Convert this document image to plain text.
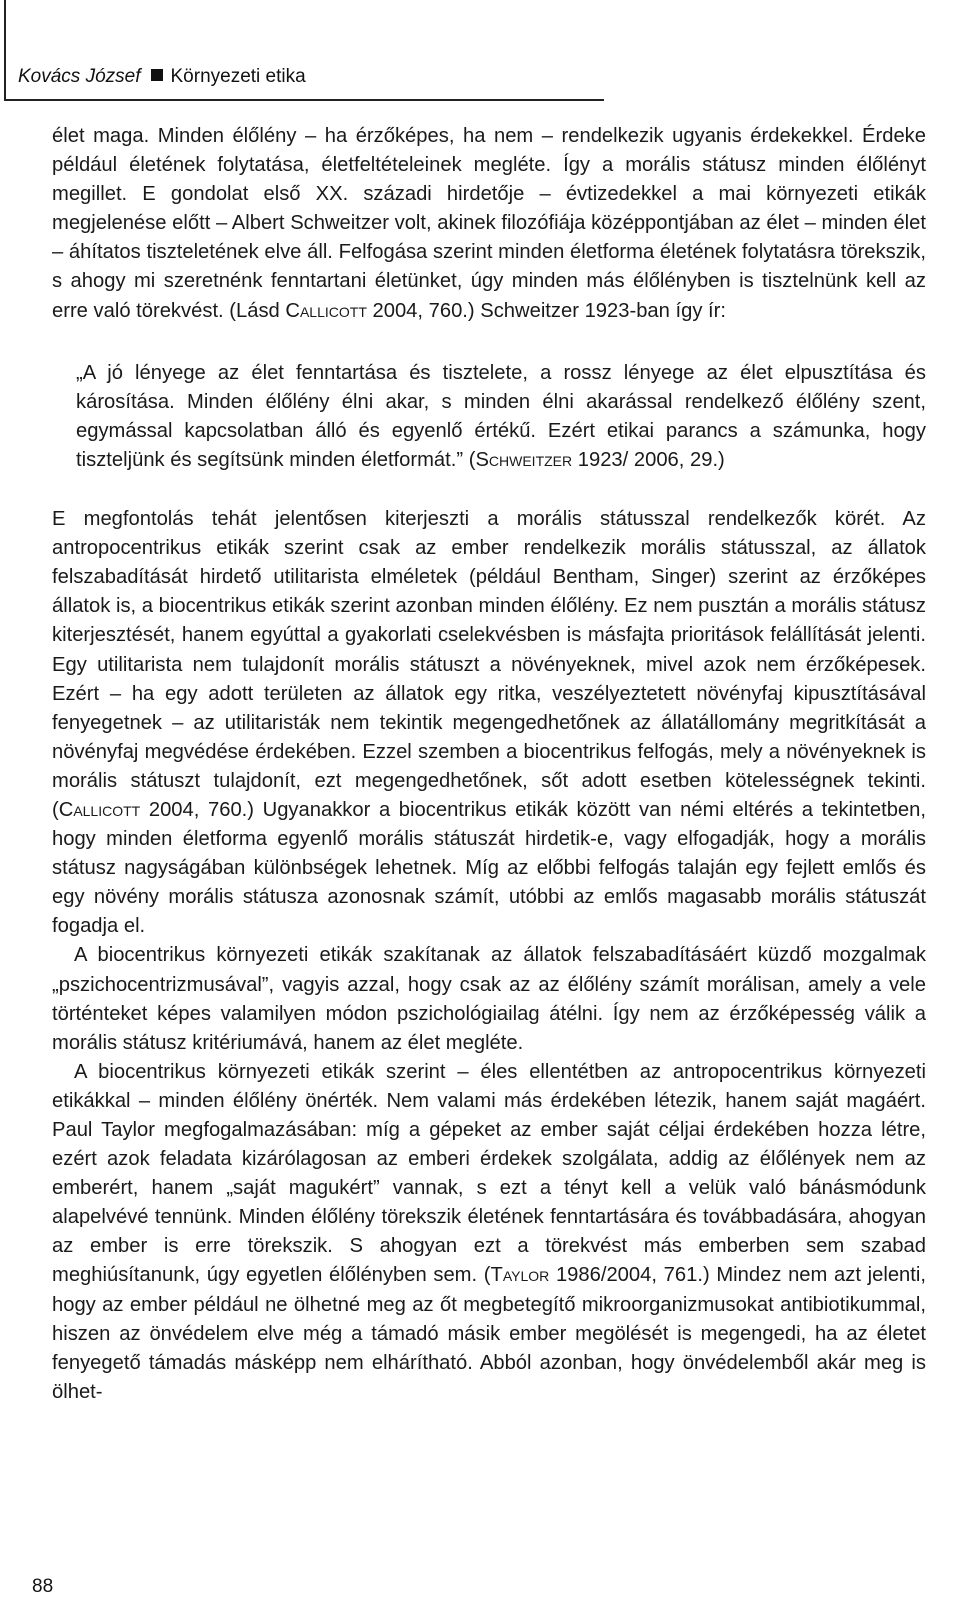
Kovács József Környezeti etika

élet maga. Minden élőlény – ha érzőképes, ha nem – rendelkezik ugyanis érdekekkel. Érdeke például életének folytatása, életfeltételeinek megléte. Így a morális státusz minden élőlényt megillet. E gondolat első XX. századi hirdetője – évtizedekkel a mai környezeti etikák megjelenése előtt – Albert Schweitzer volt, akinek filozófiája középpontjában az élet – minden élet – áhítatos tiszteletének elve áll. Felfogása szerint minden életforma életének folytatásra törekszik, s ahogy mi szeretnénk fenntartani életünket, úgy minden más élőlényben is tisztelnünk kell az erre való törekvést. (Lásd Callicott 2004, 760.) Schweitzer 1923-ban így ír:

„A jó lényege az élet fenntartása és tisztelete, a rossz lényege az élet elpusztítása és károsítása. Minden élőlény élni akar, s minden élni akarással rendelkező élőlény szent, egymással kapcsolatban álló és egyenlő értékű. Ezért etikai parancs a számunka, hogy tiszteljünk és segítsünk minden életformát.” (Schweitzer 1923/ 2006, 29.)

E megfontolás tehát jelentősen kiterjeszti a morális státusszal rendelkezők körét. Az antropocentrikus etikák szerint csak az ember rendelkezik morális státusszal, az állatok felszabadítását hirdető utilitarista elméletek (például Bentham, Singer) szerint az érzőképes állatok is, a biocentrikus etikák szerint azonban minden élőlény. Ez nem pusztán a morális státusz kiterjesztését, hanem egyúttal a gyakorlati cselekvésben is másfajta prioritások felállítását jelenti. Egy utilitarista nem tulajdonít morális státuszt a növényeknek, mivel azok nem érzőképesek. Ezért – ha egy adott területen az állatok egy ritka, veszélyeztetett növényfaj kipusztításával fenyegetnek – az utilitaristák nem tekintik megengedhetőnek az állatállomány megritkítását a növényfaj megvédése érdekében. Ezzel szemben a biocentrikus felfogás, mely a növényeknek is morális státuszt tulajdonít, ezt megengedhetőnek, sőt adott esetben kötelességnek tekinti. (Callicott 2004, 760.) Ugyanakkor a biocentrikus etikák között van némi eltérés a tekintetben, hogy minden életforma egyenlő morális státuszát hirdetik-e, vagy elfogadják, hogy a morális státusz nagyságában különbségek lehetnek. Míg az előbbi felfogás talaján egy fejlett emlős és egy növény morális státusza azonosnak számít, utóbbi az emlős magasabb morális státuszát fogadja el.

A biocentrikus környezeti etikák szakítanak az állatok felszabadításáért küzdő mozgalmak „pszichocentrizmusával”, vagyis azzal, hogy csak az az élőlény számít morálisan, amely a vele történteket képes valamilyen módon pszichológiailag átélni. Így nem az érzőképesség válik a morális státusz kritériumává, hanem az élet megléte.

A biocentrikus környezeti etikák szerint – éles ellentétben az antropocentrikus környezeti etikákkal – minden élőlény önérték. Nem valami más érdekében létezik, hanem saját magáért. Paul Taylor megfogalmazásában: míg a gépeket az ember saját céljai érdekében hozza létre, ezért azok feladata kizárólagosan az emberi érdekek szolgálata, addig az élőlények nem az emberért, hanem „saját magukért” vannak, s ezt a tényt kell a velük való bánásmódunk alapelvévé tennünk. Minden élőlény törekszik életének fenntartására és továbbadására, ahogyan az ember is erre törekszik. S ahogyan ezt a törekvést más emberben sem szabad meghiúsítanunk, úgy egyetlen élőlényben sem. (Taylor 1986/2004, 761.) Mindez nem azt jelenti, hogy az ember például ne ölhetné meg az őt megbetegítő mikroorganizmusokat antibiotikummal, hiszen az önvédelem elve még a támadó másik ember megölését is megengedi, ha az életet fenyegető támadás másképp nem elhárítható. Abból azonban, hogy önvédelemből akár meg is ölhet-

88
